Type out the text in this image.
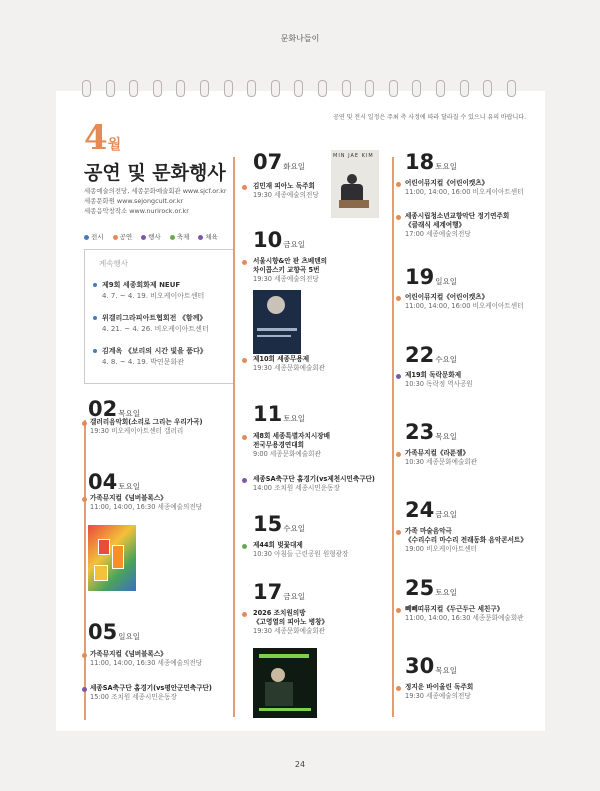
문화나들이
공연 및 전시 일정은 주최 측 사정에 따라 달라질 수 있으니 유의 바랍니다.
4월
공연 및 문화행사
세종예술의전당, 세종문화예술회관 www.sjcf.or.kr
세종문화원 www.sejongcult.or.kr
세종음악창작소 www.nurirock.or.kr
전시	공연	행사	축제	체육
계속행사
제9회 세종회화제 NEUF
4. 7. ~ 4. 19. 비오케이아트센터
위갤리그라피아트협회전 《함께》
4. 21. ~ 4. 26. 비오케이아트센터
김계옥 《보리의 시간 빛을 품다》
4. 8. ~ 4. 19. 박연문화관
02목요일
갤러리음악회(소리로 그리는 우리가곡)
19:30 비오케이아트센터 갤러리
04토요일
가족뮤지컬《넘버블록스》
11:00, 14:00, 16:30 세종예술의전당
05일요일
가족뮤지컬《넘버블록스》
11:00, 14:00, 16:30 세종예술의전당
세종SA축구단 홈경기(vs평안군민축구단)
15:00 조치원 세종시민운동장
07화요일
김민재 피아노 독주회
19:30 세종예술의전당
MIN JAE KIM
10금요일
서울시향&안 판 츠베덴의
차이콥스키 교향곡 5번
19:30 세종예술의전당
제10회 세종무용제
19:30 세종문화예술회관
11토요일
제8회 세종특별자치시장배
전국무용경연대회
9:00 세종문화예술회관
세종SA축구단 홈경기(vs제천시민축구단)
14:00 조치원 세종시민운동장
15수요일
제44회 벚꽃대제
10:30 아침들 근린공원 원형광장
17금요일
2026 조치원의방
《고영열의 피아노 병창》
19:30 세종문화예술회관
18토요일
어린이뮤지컬《어린이캣츠》
11:00, 14:00, 16:00 비오케이아트센터
세종시립청소년교향악단 정기연주회
《클래식 세계여행》
17:00 세종예술의전당
19일요일
어린이뮤지컬《어린이캣츠》
11:00, 14:00, 16:00 비오케이아트센터
22수요일
제19회 독락문화제
10:30 독락정 역사공원
23목요일
가족뮤지컬《라푼젤》
10:30 세종문화예술회관
24금요일
가족 마술음악극
《수리수리 마수리 전래동화 음악콘서트》
19:00 비오케이아트센터
25토요일
뻬뻬띠뮤지컬《두근두근 세친구》
11:00, 14:00, 16:30 세종문화예술회관
30목요일
정지운 바이올린 독주회
19:30 세종예술의전당
24
